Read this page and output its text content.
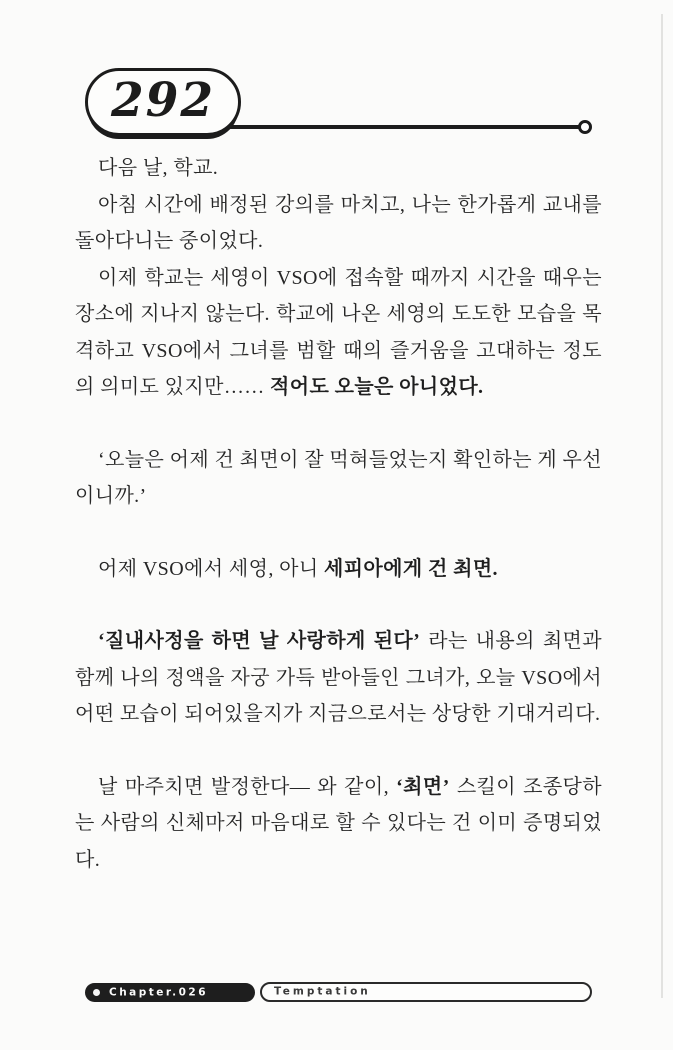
292

다음 날, 학교.

아침 시간에 배정된 강의를 마치고, 나는 한가롭게 교내를 돌아다니는 중이었다.

이제 학교는 세영이 VSO에 접속할 때까지 시간을 때우는 장소에 지나지 않는다. 학교에 나온 세영의 도도한 모습을 목격하고 VSO에서 그녀를 범할 때의 즐거움을 고대하는 정도의 의미도 있지만…… 적어도 오늘은 아니었다.

‘오늘은 어제 건 최면이 잘 먹혀들었는지 확인하는 게 우선이니까.’

어제 VSO에서 세영, 아니 세피아에게 건 최면.

‘질내사정을 하면 날 사랑하게 된다’ 라는 내용의 최면과 함께 나의 정액을 자궁 가득 받아들인 그녀가, 오늘 VSO에서 어떤 모습이 되어있을지가 지금으로서는 상당한 기대거리다.

날 마주치면 발정한다— 와 같이, ‘최면’ 스킬이 조종당하는 사람의 신체마저 마음대로 할 수 있다는 건 이미 증명되었다.

Chapter.026	Temptation
